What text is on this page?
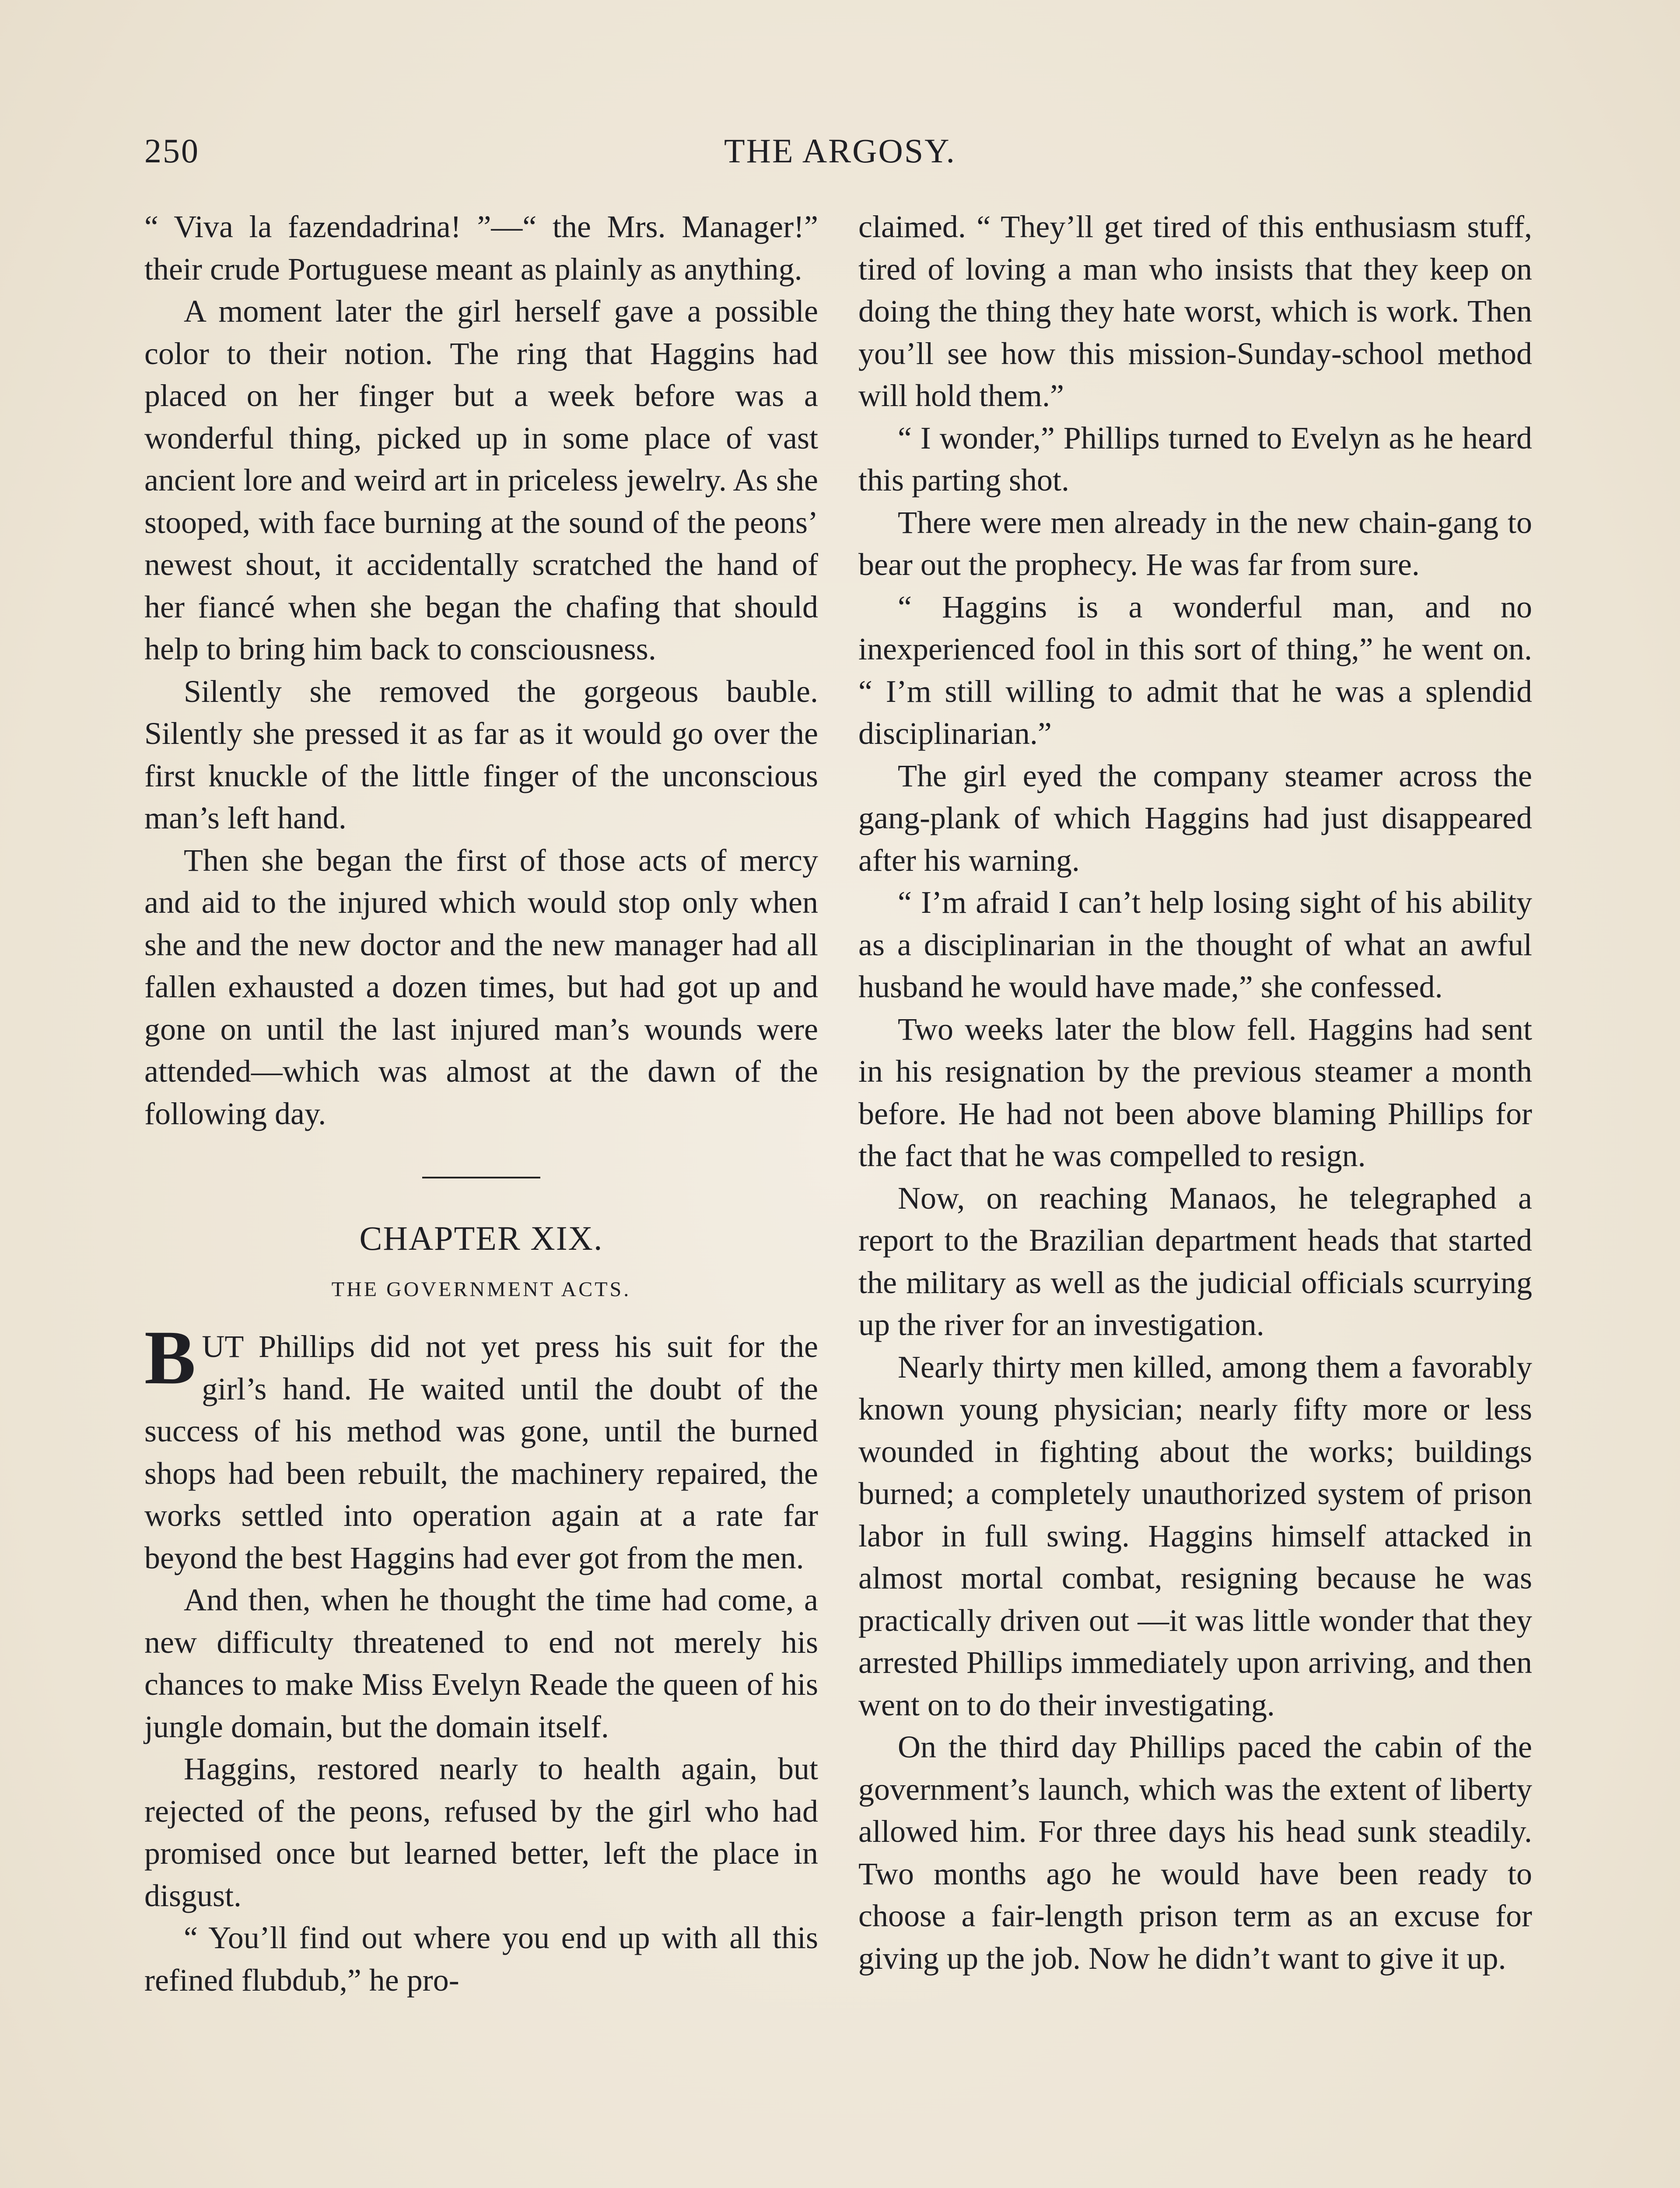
250	THE ARGOSY.

“ Viva la fazendadrina! ”—“ the Mrs. Manager!” their crude Portuguese meant as plainly as anything.

A moment later the girl herself gave a possible color to their notion. The ring that Haggins had placed on her finger but a week before was a wonderful thing, picked up in some place of vast ancient lore and weird art in priceless jewelry. As she stooped, with face burning at the sound of the peons’ newest shout, it accidentally scratched the hand of her fiancé when she began the chafing that should help to bring him back to consciousness.

Silently she removed the gorgeous bauble. Silently she pressed it as far as it would go over the first knuckle of the little finger of the unconscious man’s left hand.

Then she began the first of those acts of mercy and aid to the injured which would stop only when she and the new doctor and the new manager had all fallen exhausted a dozen times, but had got up and gone on until the last injured man’s wounds were attended—which was almost at the dawn of the following day.

CHAPTER XIX.
THE GOVERNMENT ACTS.

BUT Phillips did not yet press his suit for the girl’s hand. He waited until the doubt of the success of his method was gone, until the burned shops had been rebuilt, the machinery repaired, the works settled into operation again at a rate far beyond the best Haggins had ever got from the men.

And then, when he thought the time had come, a new difficulty threatened to end not merely his chances to make Miss Evelyn Reade the queen of his jungle domain, but the domain itself.

Haggins, restored nearly to health again, but rejected of the peons, refused by the girl who had promised once but learned better, left the place in disgust.

“ You’ll find out where you end up with all this refined flubdub,” he pro-

claimed. “ They’ll get tired of this enthusiasm stuff, tired of loving a man who insists that they keep on doing the thing they hate worst, which is work. Then you’ll see how this mission-Sunday-school method will hold them.”

“ I wonder,” Phillips turned to Evelyn as he heard this parting shot.

There were men already in the new chain-gang to bear out the prophecy. He was far from sure.

“ Haggins is a wonderful man, and no inexperienced fool in this sort of thing,” he went on. “ I’m still willing to admit that he was a splendid disciplinarian.”

The girl eyed the company steamer across the gang-plank of which Haggins had just disappeared after his warning.

“ I’m afraid I can’t help losing sight of his ability as a disciplinarian in the thought of what an awful husband he would have made,” she confessed.

Two weeks later the blow fell. Haggins had sent in his resignation by the previous steamer a month before. He had not been above blaming Phillips for the fact that he was compelled to resign.

Now, on reaching Manaos, he telegraphed a report to the Brazilian department heads that started the military as well as the judicial officials scurrying up the river for an investigation.

Nearly thirty men killed, among them a favorably known young physician; nearly fifty more or less wounded in fighting about the works; buildings burned; a completely unauthorized system of prison labor in full swing. Haggins himself attacked in almost mortal combat, resigning because he was practically driven out —it was little wonder that they arrested Phillips immediately upon arriving, and then went on to do their investigating.

On the third day Phillips paced the cabin of the government’s launch, which was the extent of liberty allowed him. For three days his head sunk steadily. Two months ago he would have been ready to choose a fair-length prison term as an excuse for giving up the job. Now he didn’t want to give it up.
